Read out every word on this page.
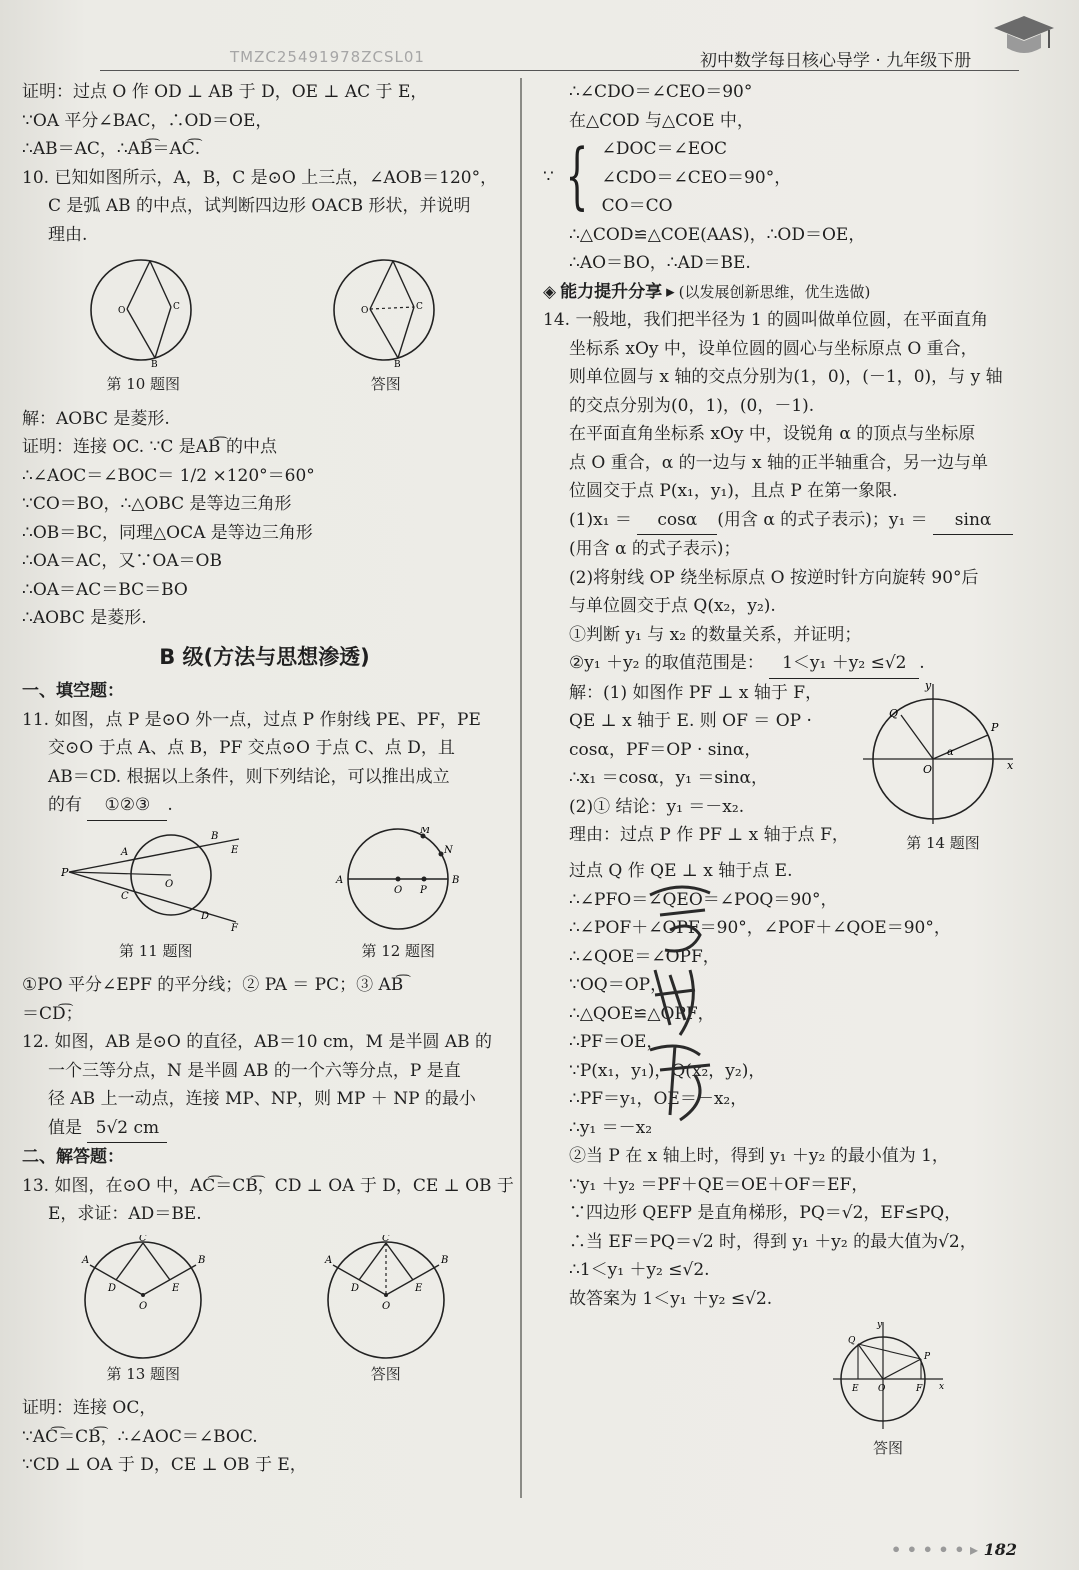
TMZC25491978ZCSL01	初中数学每日核心导学 · 九年级下册

证明：过点 O 作 OD ⊥ AB 于 D，OE ⊥ AC 于 E，

∵OA 平分∠BAC，∴OD＝OE，

∴AB＝AC，∴AB͡＝AC͡.

10. 已知如图所示，A，B，C 是⊙O 上三点，∠AOB＝120°，

C 是弧 AB 的中点，试判断四边形 OACB 形状，并说明

理由.

O	C
B
第 10 题图
O	C
B
答图

解：AOBC 是菱形.

证明：连接 OC. ∵C 是AB͡ 的中点

∴∠AOC＝∠BOC＝ 1/2 ×120°＝60°

∵CO＝BO，∴△OBC 是等边三角形

∴OB＝BC，同理△OCA 是等边三角形

∴OA＝AC，又∵OA＝OB

∴OA＝AC＝BC＝BO

∴AOBC 是菱形.

B 级(方法与思想渗透)

一、填空题：

11. 如图，点 P 是⊙O 外一点，过点 P 作射线 PE、PF，PE

交⊙O 于点 A、点 B，PF 交点⊙O 于点 C、点 D，且

AB＝CD. 根据以上条件，则下列结论，可以推出成立

的有 ①②③ .

P
A
B
E
C
D
F
O
第 11 题图
A	B
O P
M
N
第 12 题图

①PO 平分∠EPF 的平分线；② PA ＝ PC；③ AB͡

＝CD͡；

12. 如图，AB 是⊙O 的直径，AB＝10 cm，M 是半圆 AB 的

一个三等分点，N 是半圆 AB 的一个六等分点，P 是直

径 AB 上一动点，连接 MP、NP，则 MP ＋ NP 的最小

值是 5√2 cm

二、解答题：

13. 如图，在⊙O 中，AC͡＝CB͡，CD ⊥ OA 于 D，CE ⊥ OB 于

E，求证：AD＝BE.

A	B
C
D	E
O
第 13 题图
A	B
C
D	E
O
答图

证明：连接 OC，

∵AC͡＝CB͡，∴∠AOC＝∠BOC.

∵CD ⊥ OA 于 D，CE ⊥ OB 于 E，

∴∠CDO＝∠CEO＝90°

在△COD 与△COE 中，

∵ { ∠DOC＝∠EOC

∠CDO＝∠CEO＝90°，

CO＝CO

∴△COD≌△COE(AAS)，∴OD＝OE，

∴AO＝BO，∴AD＝BE.

◈ 能力提升分享 ▸ (以发展创新思维，优生选做)

14. 一般地，我们把半径为 1 的圆叫做单位圆，在平面直角

坐标系 xOy 中，设单位圆的圆心与坐标原点 O 重合，

则单位圆与 x 轴的交点分别为(1，0)，(－1，0)，与 y 轴

的交点分别为(0，1)，(0，－1).

在平面直角坐标系 xOy 中，设锐角 α 的顶点与坐标原

点 O 重合，α 的一边与 x 轴的正半轴重合，另一边与单

位圆交于点 P(x₁，y₁)，且点 P 在第一象限.

(1)x₁ ＝ cosα (用含 α 的式子表示)；y₁ ＝ sinα

(用含 α 的式子表示)；

(2)将射线 OP 绕坐标原点 O 按逆时针方向旋转 90°后

与单位圆交于点 Q(x₂，y₂).

①判断 y₁ 与 x₂ 的数量关系，并证明；

②y₁ ＋y₂ 的取值范围是： 1＜y₁ ＋y₂ ≤√2 .

解：(1) 如图作 PF ⊥ x 轴于 F，

QE ⊥ x 轴于 E. 则 OF ＝ OP ·

cosα，PF＝OP · sinα，

∴x₁ ＝cosα，y₁ ＝sinα，

(2)① 结论：y₁ ＝－x₂.

理由：过点 P 作 PF ⊥ x 轴于点 F，

x
y
O
P
Q
α
第 14 题图

过点 Q 作 QE ⊥ x 轴于点 E.

∴∠PFO＝∠QEO＝∠POQ＝90°，

∴∠POF＋∠OPF＝90°，∠POF＋∠QOE＝90°，

∴∠QOE＝∠OPF，

∵OQ＝OP，

∴△QOE≌△OPF，

∴PF＝OE，

∵P(x₁，y₁)，Q(x₂，y₂)，

∴PF＝y₁，OE＝－x₂，

∴y₁ ＝－x₂

②当 P 在 x 轴上时，得到 y₁ ＋y₂ 的最小值为 1，

∵y₁ ＋y₂ ＝PF＋QE＝OE＋OF＝EF，

∵四边形 QEFP 是直角梯形，PQ＝√2，EF≤PQ，

∴当 EF＝PQ＝√2 时，得到 y₁ ＋y₂ 的最大值为√2，

∴1＜y₁ ＋y₂ ≤√2.

故答案为 1＜y₁ ＋y₂ ≤√2.

E	F
O
Q
P
x
y
答图
• • • • • ▸ 182
